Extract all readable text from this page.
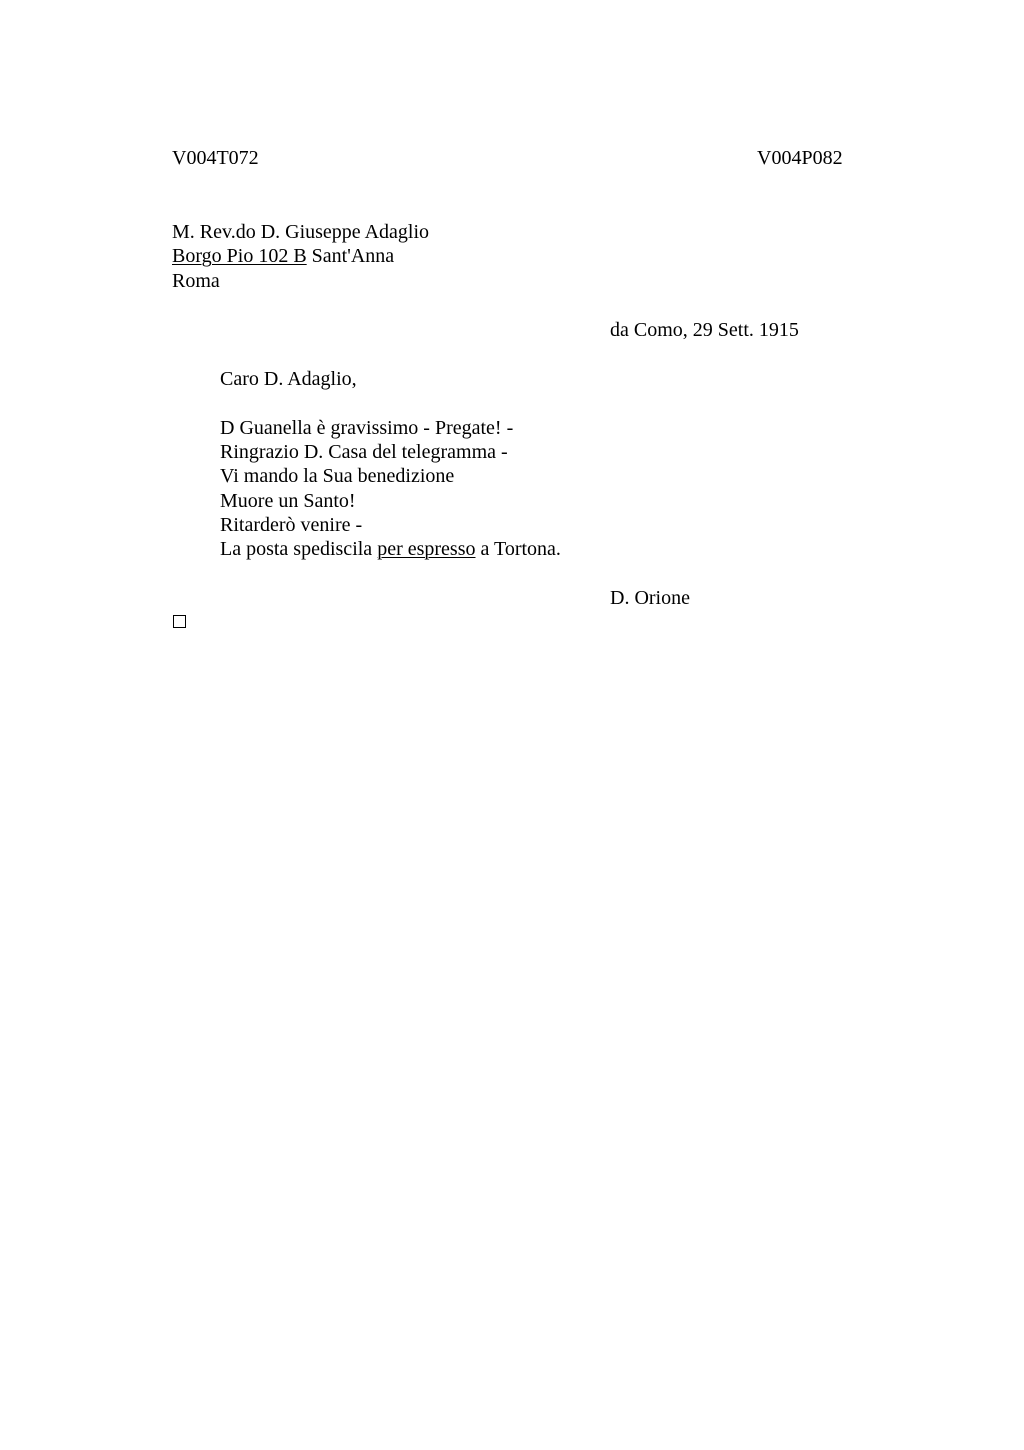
V004T072	V004P082
M. Rev.do D. Giuseppe Adaglio
Borgo Pio 102 B Sant'Anna
Roma
da Como, 29 Sett. 1915
Caro D. Adaglio,
D Guanella è gravissimo - Pregate! -
Ringrazio D. Casa del telegramma -
Vi mando la Sua benedizione
Muore un Santo!
Ritarderò venire -
La posta spediscila per espresso a Tortona.
D. Orione
